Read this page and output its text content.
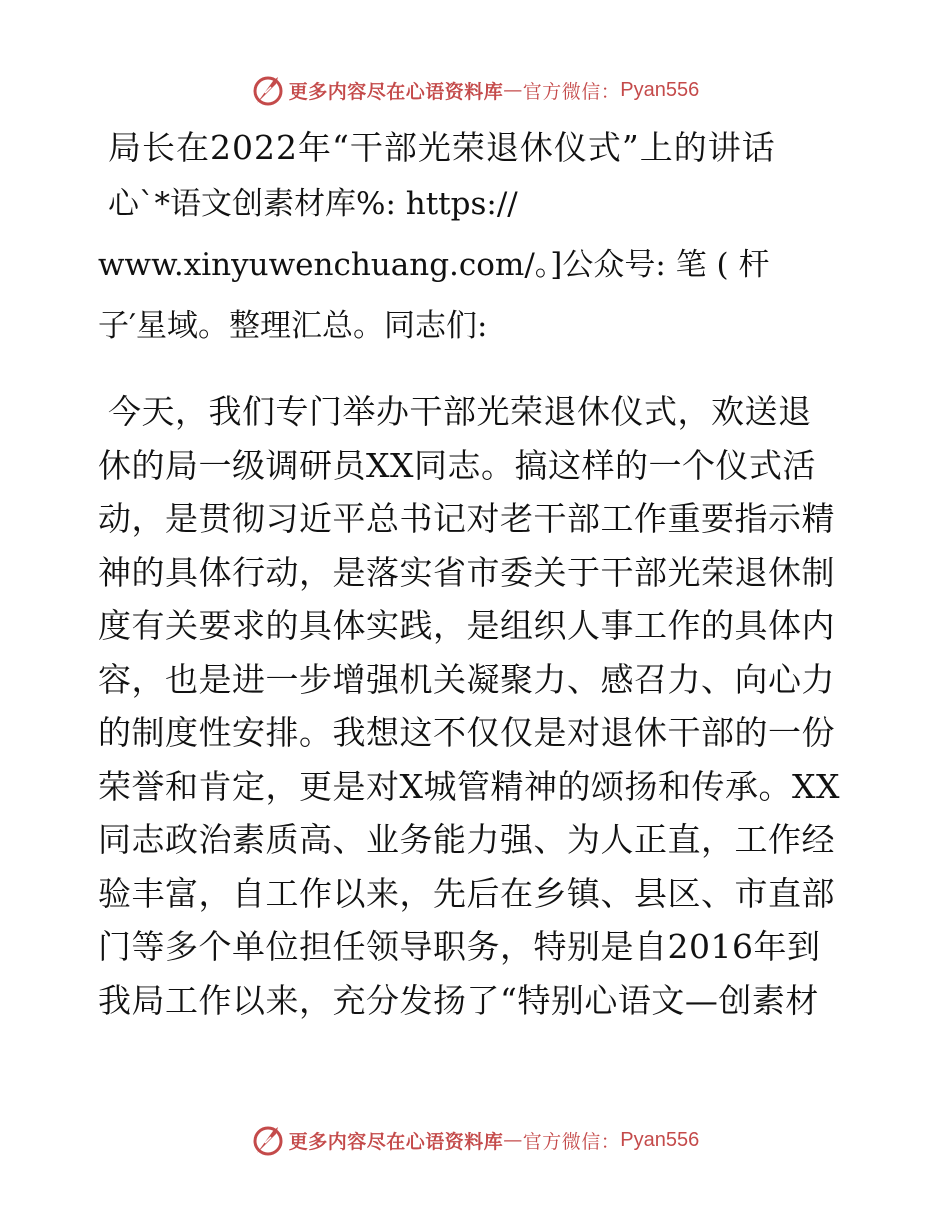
更多内容尽在心语资料库 — 官方微信： Pyan556
局长在2022年“干部光荣退休仪式”上的讲话
心`*语文创素材库%: https://
www.xinyuwenchuang.com/。]公众号: 笔 ( 杆
子′星域。整理汇总。同志们:
今天，我们专门举办干部光荣退休仪式，欢送退
休的局一级调研员XX同志。搞这样的一个仪式活
动，是贯彻习近平总书记对老干部工作重要指示精
神的具体行动，是落实省市委关于干部光荣退休制
度有关要求的具体实践，是组织人事工作的具体内
容，也是进一步增强机关凝聚力、感召力、向心力
的制度性安排。我想这不仅仅是对退休干部的一份
荣誉和肯定，更是对X城管精神的颂扬和传承。XX
同志政治素质高、业务能力强、为人正直，工作经
验丰富，自工作以来，先后在乡镇、县区、市直部
门等多个单位担任领导职务，特别是自2016年到
我局工作以来，充分发扬了“特别心语文—创素材
更多内容尽在心语资料库 — 官方微信： Pyan556
